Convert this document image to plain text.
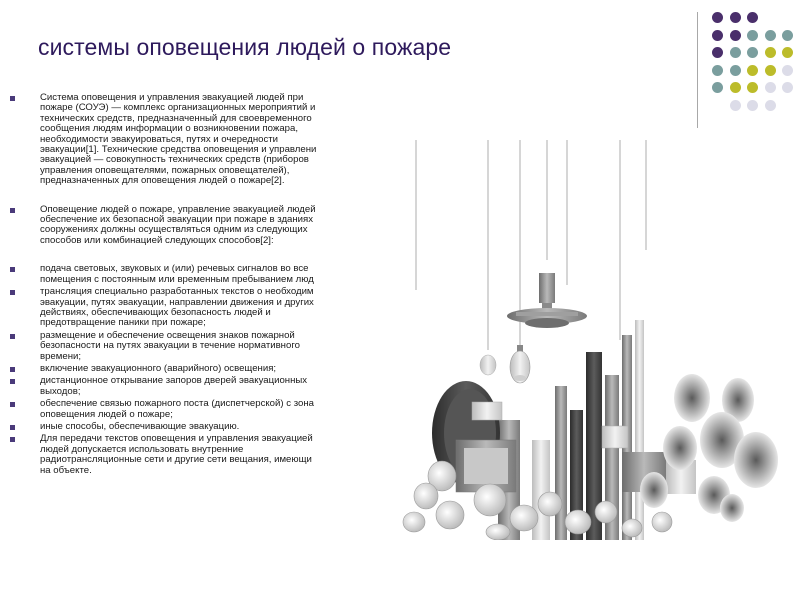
системы оповещения людей о пожаре
Система оповещения и управления эвакуацией людей при
пожаре (СОУЭ) — комплекс организационных мероприятий и
технических средств, предназначенный для своевременного
сообщения людям информации о возникновении пожара,
необходимости эвакуироваться, путях и очередности
эвакуации[1]. Технические средства оповещения и управлени
эвакуацией — совокупность технических средств (приборов
управления оповещателями, пожарных оповещателей),
предназначенных для оповещения людей о пожаре[2].
Оповещение людей о пожаре, управление эвакуацией людей
обеспечение их безопасной эвакуации при пожаре в зданиях
сооружениях должны осуществляться одним из следующих
способов или комбинацией следующих способов[2]:
подача световых, звуковых и (или) речевых сигналов во все
помещения с постоянным или временным пребыванием люд
трансляция специально разработанных текстов о необходим
эвакуации, путях эвакуации, направлении движения и других
действиях, обеспечивающих безопасность людей и
предотвращение паники при пожаре;
размещение и обеспечение освещения знаков пожарной
безопасности на путях эвакуации в течение нормативного
времени;
включение эвакуационного (аварийного) освещения;
дистанционное открывание запоров дверей эвакуационных
выходов;
обеспечение связью пожарного поста (диспетчерской) с зона
оповещения людей о пожаре;
иные способы, обеспечивающие эвакуацию.
Для передачи текстов оповещения и управления эвакуацией
людей допускается использовать внутренние
радиотрансляционные сети и другие сети вещания, имеющи
на объекте.
